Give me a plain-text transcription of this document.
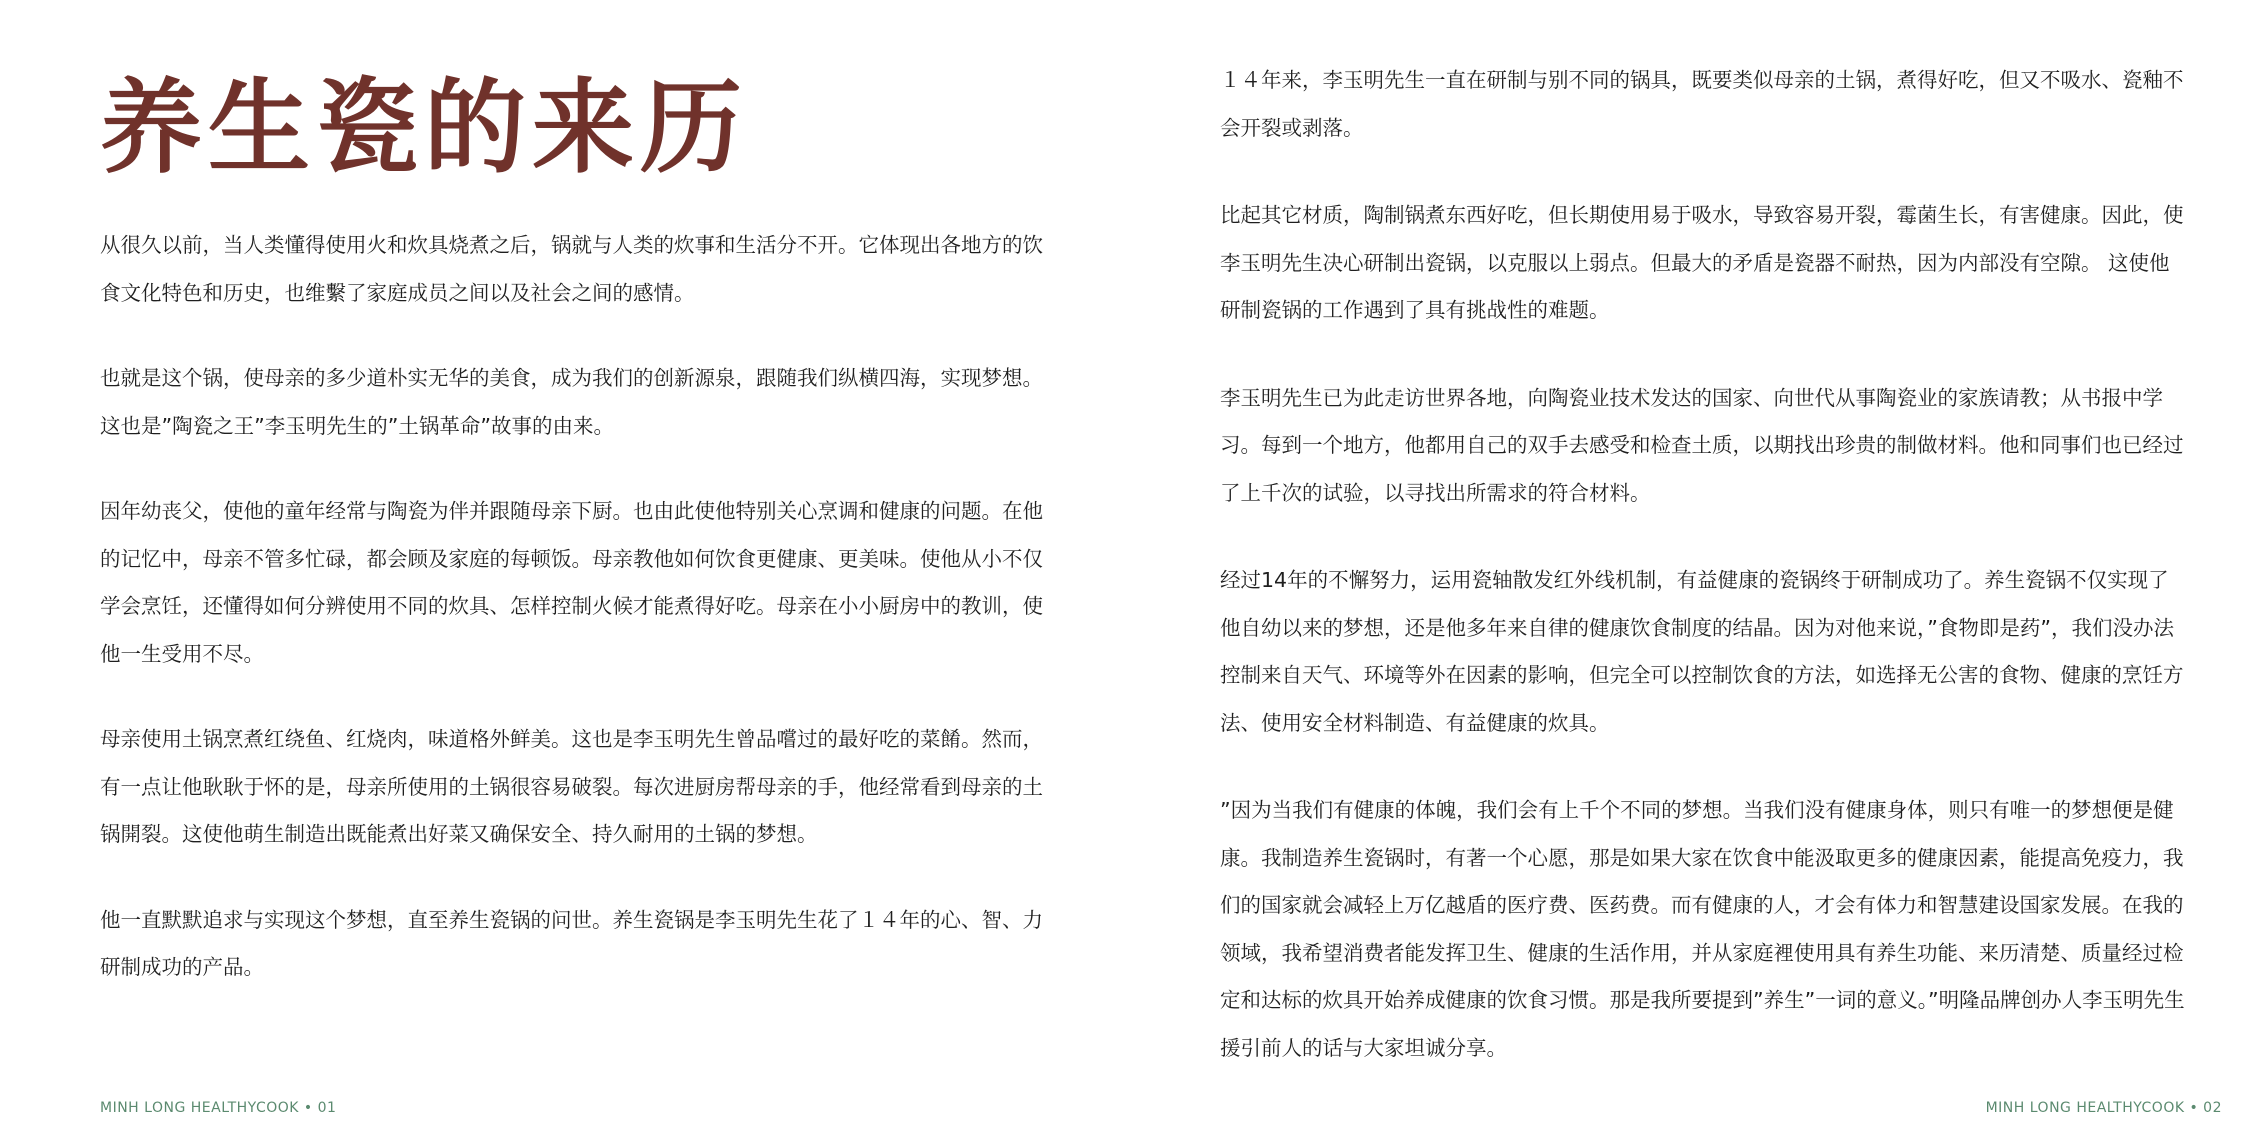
养生瓷的来历

从很久以前，当人类懂得使用火和炊具烧煮之后，锅就与人类的炊事和生活分不开。它体现出各地方的饮食文化特色和历史，也维繫了家庭成员之间以及社会之间的感情。

也就是这个锅，使母亲的多少道朴实无华的美食，成为我们的创新源泉，跟随我们纵横四海，实现梦想。这也是”陶瓷之王”李玉明先生的”土锅革命”故事的由来。

因年幼丧父，使他的童年经常与陶瓷为伴并跟随母亲下厨。也由此使他特别关心烹调和健康的问题。在他的记忆中，母亲不管多忙碌，都会顾及家庭的每顿饭。母亲教他如何饮食更健康、更美味。使他从小不仅学会烹饪，还懂得如何分辨使用不同的炊具、怎样控制火候才能煮得好吃。母亲在小小厨房中的教训，使他一生受用不尽。

母亲使用土锅烹煮红绕鱼、红烧肉，味道格外鲜美。这也是李玉明先生曾品嚐过的最好吃的菜餚。然而，有一点让他耿耿于怀的是，母亲所使用的土锅很容易破裂。每次进厨房帮母亲的手，他经常看到母亲的土锅開裂。这使他萌生制造出既能煮出好菜又确保安全、持久耐用的土锅的梦想。

他一直默默追求与实现这个梦想，直至养生瓷锅的问世。养生瓷锅是李玉明先生花了１４年的心、智、力研制成功的产品。

MINH LONG HEALTHYCOOK • 01

１４年来，李玉明先生一直在研制与别不同的锅具，既要类似母亲的土锅，煮得好吃，但又不吸水、瓷釉不会开裂或剥落。

比起其它材质，陶制锅煮东西好吃，但长期使用易于吸水，导致容易开裂，霉菌生长，有害健康。因此，使李玉明先生决心研制出瓷锅，以克服以上弱点。但最大的矛盾是瓷器不耐热，因为内部没有空隙。 这使他研制瓷锅的工作遇到了具有挑战性的难题。

李玉明先生已为此走访世界各地，向陶瓷业技术发达的国家、向世代从事陶瓷业的家族请教；从书报中学习。每到一个地方，他都用自己的双手去感受和检查土质，以期找出珍贵的制做材料。他和同事们也已经过了上千次的试验，以寻找出所需求的符合材料。

经过14年的不懈努力，运用瓷轴散发红外线机制，有益健康的瓷锅终于研制成功了。养生瓷锅不仅实现了他自幼以来的梦想，还是他多年来自律的健康饮食制度的结晶。因为对他来说，”食物即是药”，我们没办法控制来自天气、环境等外在因素的影响，但完全可以控制饮食的方法，如选择无公害的食物、健康的烹饪方法、使用安全材料制造、有益健康的炊具。

”因为当我们有健康的体魄，我们会有上千个不同的梦想。当我们没有健康身体，则只有唯一的梦想便是健康。我制造养生瓷锅时，有著一个心愿，那是如果大家在饮食中能汲取更多的健康因素，能提高免疫力，我们的国家就会减轻上万亿越盾的医疗费、医药费。而有健康的人，才会有体力和智慧建设国家发展。在我的领域，我希望消费者能发挥卫生、健康的生活作用，并从家庭裡使用具有养生功能、来历清楚、质量经过检定和达标的炊具开始养成健康的饮食习惯。那是我所要提到”养生”一词的意义。”明隆品牌创办人李玉明先生援引前人的话与大家坦诚分享。

MINH LONG HEALTHYCOOK • 02
